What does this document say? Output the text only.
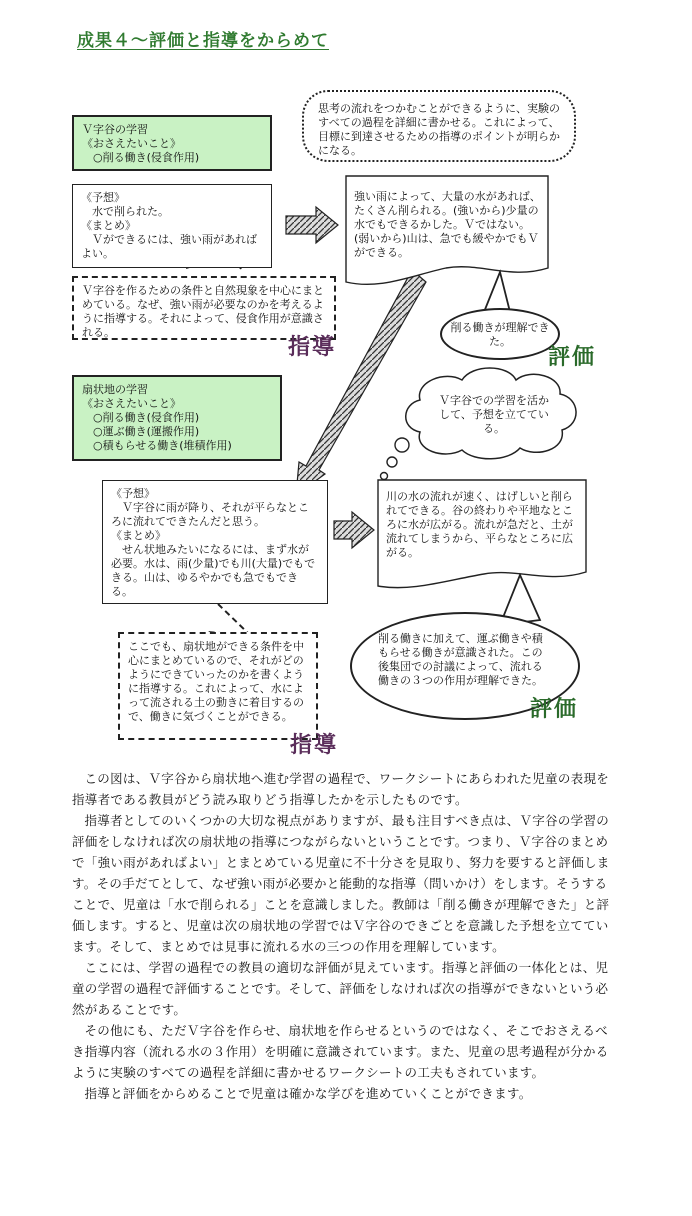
成果４～評価と指導をからめて
Ｖ字谷の学習
《おさえたいこと》
　○削る働き(侵食作用)
思考の流れをつかむことができるように、実験のすべての過程を詳細に書かせる。これによって、目標に到達させるための指導のポイントが明らかになる。
《予想》
　水で削られた。
《まとめ》
　Ｖができるには、強い雨があればよい。
Ｖ字谷を作るための条件と自然現象を中心にまとめている。なぜ、強い雨が必要なのかを考えるように指導する。それによって、侵食作用が意識される。
強い雨によって、大量の水があれば、たくさん削られる。(強いから)少量の水でもできるかした。Ｖではない。(弱いから)山は、急でも緩やかでもＶができる。
削る働きが理解できた。
指導	評価
扇状地の学習
《おさえたいこと》
　○削る働き(侵食作用)
　○運ぶ働き(運搬作用)
　○積もらせる働き(堆積作用)
Ｖ字谷での学習を活かして、予想を立てている。
《予想》
　Ｖ字谷に雨が降り、それが平らなところに流れてできたんだと思う。
《まとめ》
　せん状地みたいになるには、まず水が必要。水は、雨(少量)でも川(大量)でもできる。山は、ゆるやかでも急でもできる。
川の水の流れが速く、はげしいと削られてできる。谷の終わりや平地なところに水が広がる。流れが急だと、土が流れてしまうから、平らなところに広がる。
ここでも、扇状地ができる条件を中心にまとめているので、それがどのようにできていったのかを書くように指導する。これによって、水によって流される土の動きに着目するので、働きに気づくことができる。
削る働きに加えて、運ぶ働きや積もらせる働きが意識された。この後集団での討議によって、流れる働きの３つの作用が理解できた。
指導
評価

この図は、Ｖ字谷から扇状地へ進む学習の過程で、ワークシートにあらわれた児童の表現を指導者である教員がどう読み取りどう指導したかを示したものです。

指導者としてのいくつかの大切な視点がありますが、最も注目すべき点は、Ｖ字谷の学習の評価をしなければ次の扇状地の指導につながらないということです。つまり、Ｖ字谷のまとめで「強い雨があればよい」とまとめている児童に不十分さを見取り、努力を要すると評価します。その手だてとして、なぜ強い雨が必要かと能動的な指導（問いかけ）をします。そうすることで、児童は「水で削られる」ことを意識しました。教師は「削る働きが理解できた」と評価します。すると、児童は次の扇状地の学習ではＶ字谷のできごとを意識した予想を立てています。そして、まとめでは見事に流れる水の三つの作用を理解しています。

ここには、学習の過程での教員の適切な評価が見えています。指導と評価の一体化とは、児童の学習の過程で評価することです。そして、評価をしなければ次の指導ができないという必然があることです。

その他にも、ただＶ字谷を作らせ、扇状地を作らせるというのではなく、そこでおさえるべき指導内容（流れる水の３作用）を明確に意識されています。また、児童の思考過程が分かるように実験のすべての過程を詳細に書かせるワークシートの工夫もされています。

指導と評価をからめることで児童は確かな学びを進めていくことができます。
